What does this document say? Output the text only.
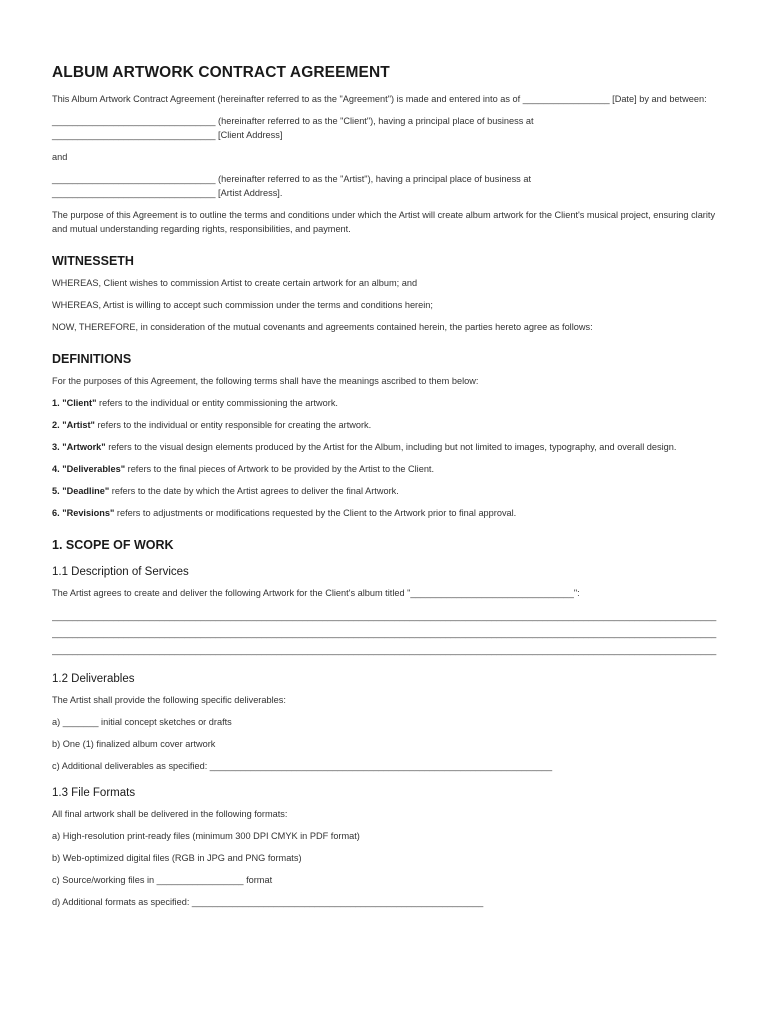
ALBUM ARTWORK CONTRACT AGREEMENT

This Album Artwork Contract Agreement (hereinafter referred to as the "Agreement") is made and entered into as of _________________ [Date] by and between:

________________________________ (hereinafter referred to as the "Client"), having a principal place of business at

________________________________ [Client Address]

and

________________________________ (hereinafter referred to as the "Artist"), having a principal place of business at

________________________________ [Artist Address].

The purpose of this Agreement is to outline the terms and conditions under which the Artist will create album artwork for the Client's musical project, ensuring clarity and mutual understanding regarding rights, responsibilities, and payment.

WITNESSETH

WHEREAS, Client wishes to commission Artist to create certain artwork for an album; and

WHEREAS, Artist is willing to accept such commission under the terms and conditions herein;

NOW, THEREFORE, in consideration of the mutual covenants and agreements contained herein, the parties hereto agree as follows:

DEFINITIONS

For the purposes of this Agreement, the following terms shall have the meanings ascribed to them below:

1. "Client" refers to the individual or entity commissioning the artwork.

2. "Artist" refers to the individual or entity responsible for creating the artwork.

3. "Artwork" refers to the visual design elements produced by the Artist for the Album, including but not limited to images, typography, and overall design.

4. "Deliverables" refers to the final pieces of Artwork to be provided by the Artist to the Client.

5. "Deadline" refers to the date by which the Artist agrees to deliver the final Artwork.

6. "Revisions" refers to adjustments or modifications requested by the Client to the Artwork prior to final approval.

1. SCOPE OF WORK
1.1 Description of Services

The Artist agrees to create and deliver the following Artwork for the Client's album titled "________________________________":

__________________________________________________________________________________________________________________________________

__________________________________________________________________________________________________________________________________

__________________________________________________________________________________________________________________________________

1.2 Deliverables

The Artist shall provide the following specific deliverables:

a) _______ initial concept sketches or drafts

b) One (1) finalized album cover artwork

c) Additional deliverables as specified: ___________________________________________________________________

1.3 File Formats

All final artwork shall be delivered in the following formats:

a) High-resolution print-ready files (minimum 300 DPI CMYK in PDF format)

b) Web-optimized digital files (RGB in JPG and PNG formats)

c) Source/working files in _________________ format

d) Additional formats as specified: _________________________________________________________
